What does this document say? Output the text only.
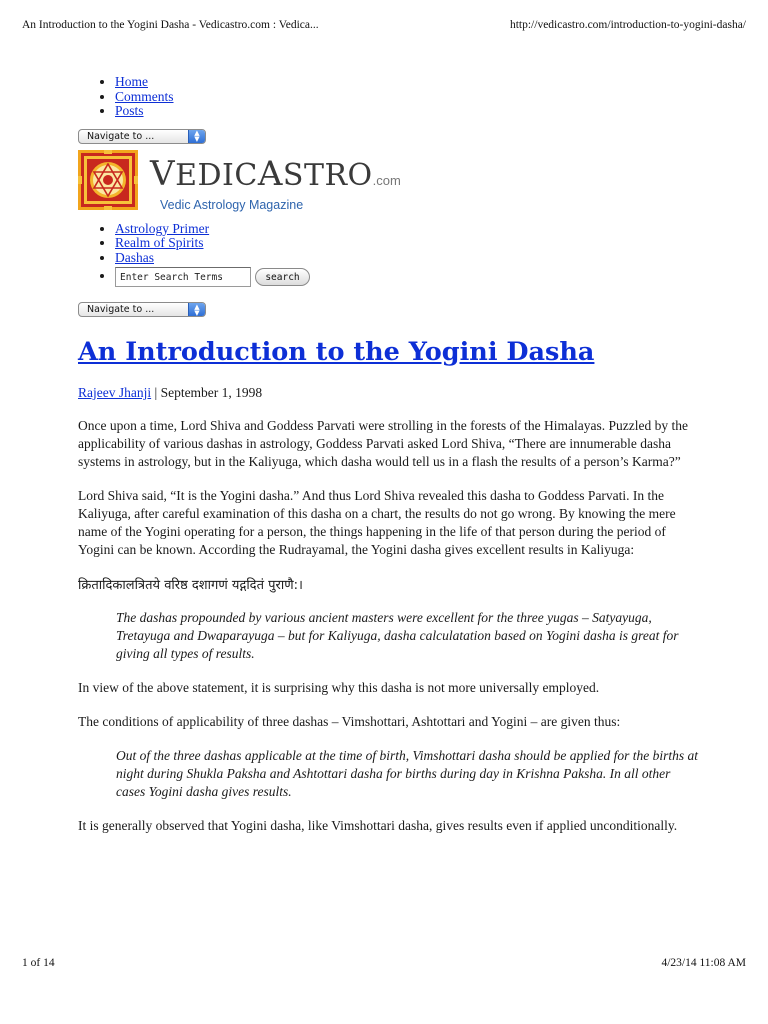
An Introduction to the Yogini Dasha - Vedicastro.com : Vedica...	http://vedicastro.com/introduction-to-yogini-dasha/
• Home
• Comments
• Posts
Navigate to ...	▲
▼
VEDICASTRO.com
Vedic Astrology Magazine
• Astrology Primer
• Realm of Spirits
• Dashas
Enter Search Terms
• search
Navigate to ...	▲
▼
An Introduction to the Yogini Dasha
Rajeev Jhanji | September 1, 1998

Once upon a time, Lord Shiva and Goddess Parvati were strolling in the forests of the Himalayas. Puzzled by the applicability of various dashas in astrology, Goddess Parvati asked Lord Shiva, “There are innumerable dasha systems in astrology, but in the Kaliyuga, which dasha would tell us in a flash the results of a person’s Karma?”

Lord Shiva said, “It is the Yogini dasha.” And thus Lord Shiva revealed this dasha to Goddess Parvati. In the Kaliyuga, after careful examination of this dasha on a chart, the results do not go wrong. By knowing the mere name of the Yogini operating for a person, the things happening in the life of that person during the period of Yogini can be known. According the Rudrayamal, the Yogini dasha gives excellent results in Kaliyuga:

क्रितादिकालत्रितये वरिष्ठ दशागणं यद्गदितं पुराणै:।

The dashas propounded by various ancient masters were excellent for the three yugas – Satyayuga, Tretayuga and Dwaparayuga – but for Kaliyuga, dasha calculatation based on Yogini dasha is great for giving all types of results.

In view of the above statement, it is surprising why this dasha is not more universally employed.

The conditions of applicability of three dashas – Vimshottari, Ashtottari and Yogini – are given thus:

Out of the three dashas applicable at the time of birth, Vimshottari dasha should be applied for the births at night during Shukla Paksha and Ashtottari dasha for births during day in Krishna Paksha. In all other cases Yogini dasha gives results.

It is generally observed that Yogini dasha, like Vimshottari dasha, gives results even if applied unconditionally.

1 of 14	4/23/14 11:08 AM
